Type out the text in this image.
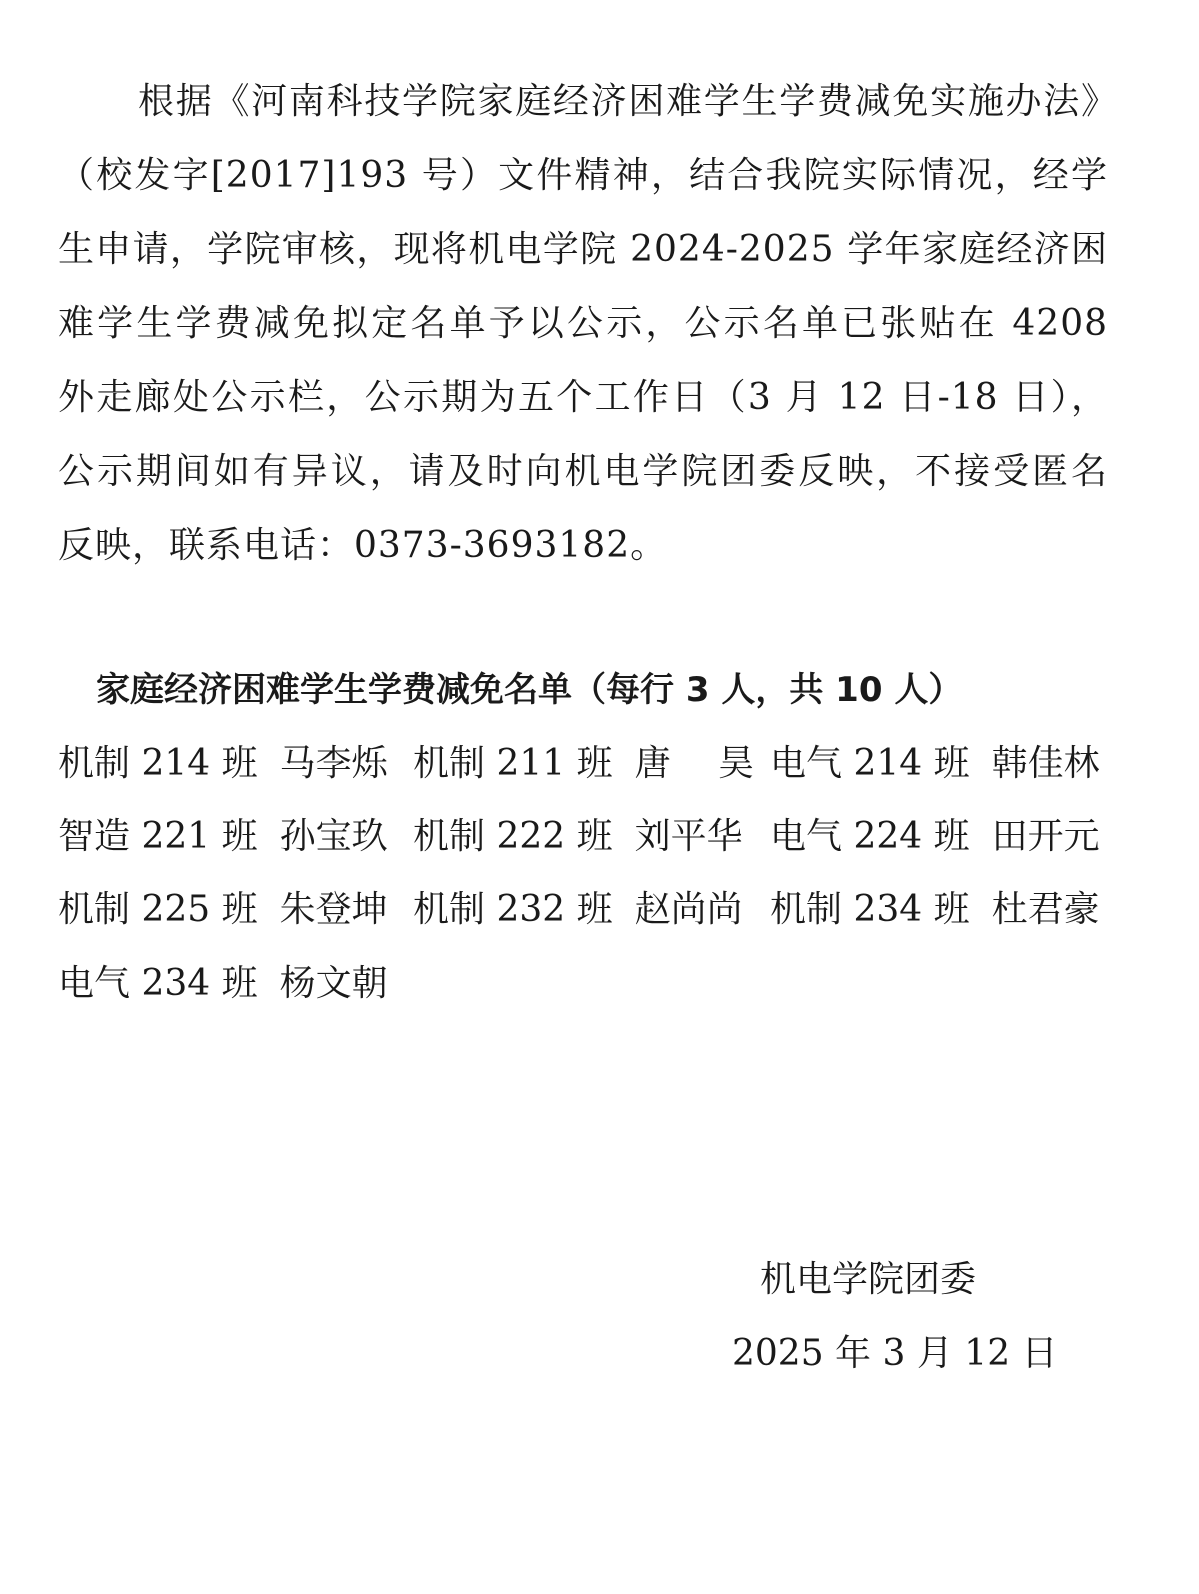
根据《河南科技学院家庭经济困难学生学费减免实施办法》
（校发字[2017]193 号）文件精神，结合我院实际情况，经学
生申请，学院审核，现将机电学院 2024-2025 学年家庭经济困
难学生学费减免拟定名单予以公示，公示名单已张贴在 4208
外走廊处公示栏，公示期为五个工作日（3 月 12 日-18 日），
公示期间如有异议，请及时向机电学院团委反映，不接受匿名
反映，联系电话：0373-3693182。
家庭经济困难学生学费减免名单（每行 3 人，共 10 人）
机制 214 班 马李烁 机制 211 班 唐　 昊 电气 214 班 韩佳林
智造 221 班 孙宝玖 机制 222 班 刘平华 电气 224 班 田开元
机制 225 班 朱登坤 机制 232 班 赵尚尚 机制 234 班 杜君豪
电气 234 班 杨文朝
机电学院团委
2025 年 3 月 12 日
